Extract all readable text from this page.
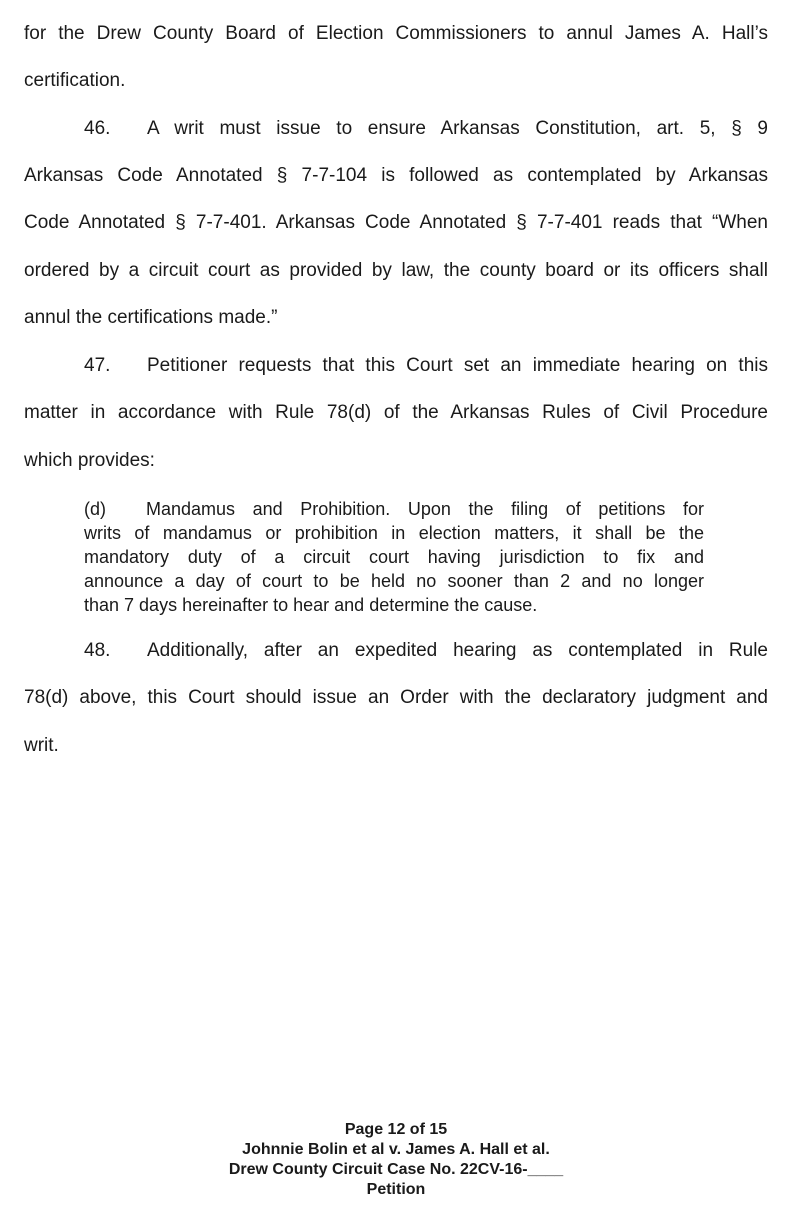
for the Drew County Board of Election Commissioners to annul James A. Hall’s
certification.
46. A writ must issue to ensure Arkansas Constitution, art. 5, § 9
Arkansas Code Annotated § 7-7-104 is followed as contemplated by Arkansas
Code Annotated § 7-7-401. Arkansas Code Annotated § 7-7-401 reads that “When
ordered by a circuit court as provided by law, the county board or its officers shall
annul the certifications made.”
47. Petitioner requests that this Court set an immediate hearing on this
matter in accordance with Rule 78(d) of the Arkansas Rules of Civil Procedure
which provides:
(d) Mandamus and Prohibition. Upon the filing of petitions for
writs of mandamus or prohibition in election matters, it shall be the
mandatory duty of a circuit court having jurisdiction to fix and
announce a day of court to be held no sooner than 2 and no longer
than 7 days hereinafter to hear and determine the cause.
48. Additionally, after an expedited hearing as contemplated in Rule
78(d) above, this Court should issue an Order with the declaratory judgment and
writ.
Page 12 of 15
Johnnie Bolin et al v. James A. Hall et al.
Drew County Circuit Case No. 22CV-16-____
Petition
